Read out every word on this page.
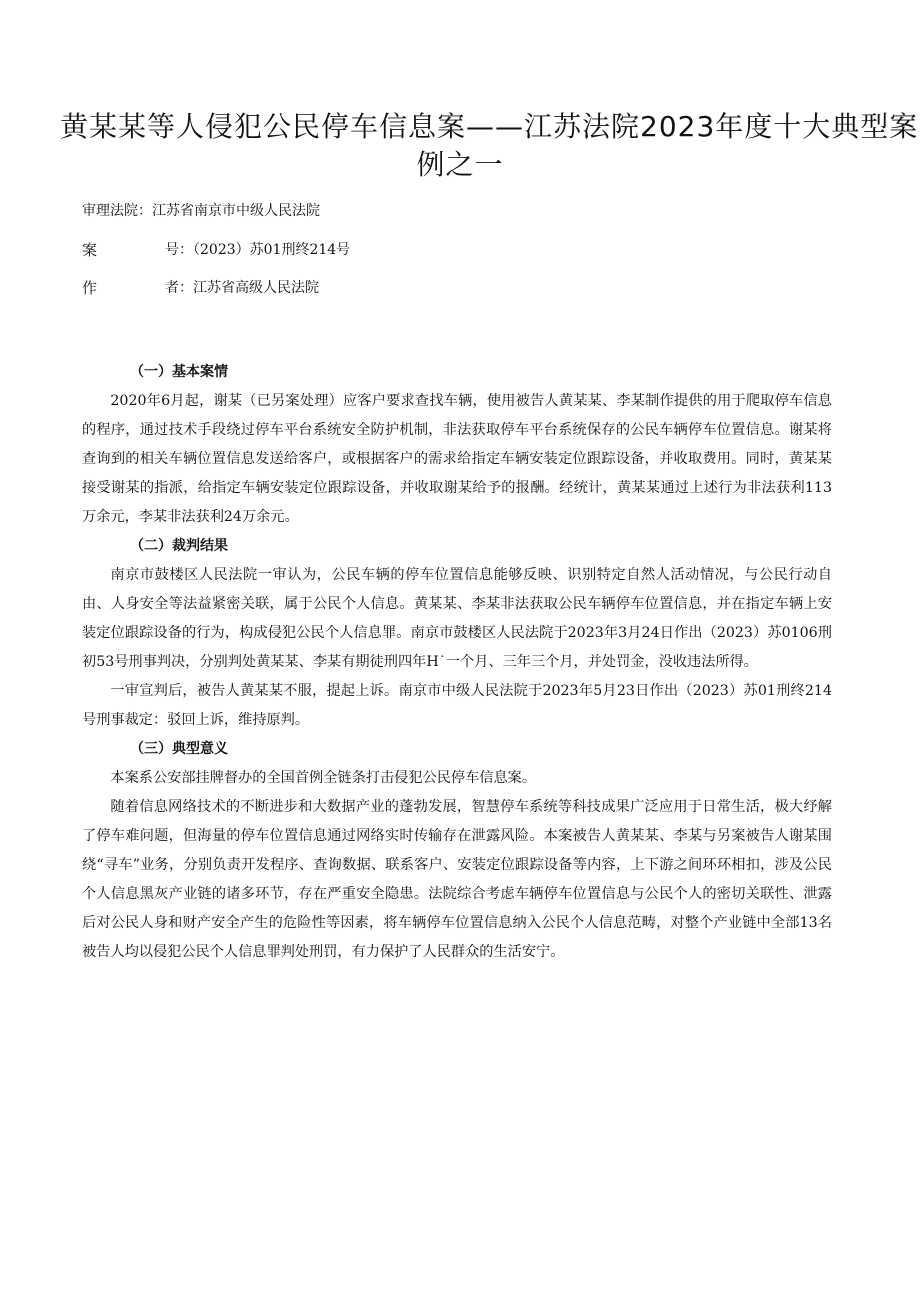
黄某某等人侵犯公民停车信息案——江苏法院2023年度十大典型案
例之一
审理法院：江苏省南京市中级人民法院
案	号：（2023）苏01刑终214号
作	者：江苏省高级人民法院
（一）基本案情

2020年6月起，谢某（已另案处理）应客户要求查找车辆，使用被告人黄某某、李某制作提供的用于爬取停车信息的程序，通过技术手段绕过停车平台系统安全防护机制，非法获取停车平台系统保存的公民车辆停车位置信息。谢某将查询到的相关车辆位置信息发送给客户，或根据客户的需求给指定车辆安装定位跟踪设备，并收取费用。同时，黄某某接受谢某的指派，给指定车辆安装定位跟踪设备，并收取谢某给予的报酬。经统计，黄某某通过上述行为非法获利113万余元，李某非法获利24万余元。

（二）裁判结果

南京市鼓楼区人民法院一审认为，公民车辆的停车位置信息能够反映、识别特定自然人活动情况，与公民行动自由、人身安全等法益紧密关联，属于公民个人信息。黄某某、李某非法获取公民车辆停车位置信息，并在指定车辆上安装定位跟踪设备的行为，构成侵犯公民个人信息罪。南京市鼓楼区人民法院于2023年3月24日作出（2023）苏0106刑初53号刑事判决，分别判处黄某某、李某有期徒刑四年H˙一个月、三年三个月，并处罚金，没收违法所得。

一审宣判后，被告人黄某某不服，提起上诉。南京市中级人民法院于2023年5月23日作出（2023）苏01刑终214号刑事裁定：驳回上诉，维持原判。

（三）典型意义

本案系公安部挂牌督办的全国首例全链条打击侵犯公民停车信息案。

随着信息网络技术的不断进步和大数据产业的蓬勃发展，智慧停车系统等科技成果广泛应用于日常生活，极大纾解了停车难问题，但海量的停车位置信息通过网络实时传输存在泄露风险。本案被告人黄某某、李某与另案被告人谢某围绕“寻车”业务，分别负责开发程序、查询数据、联系客户、安装定位跟踪设备等内容，上下游之间环环相扣，涉及公民个人信息黑灰产业链的诸多环节，存在严重安全隐患。法院综合考虑车辆停车位置信息与公民个人的密切关联性、泄露后对公民人身和财产安全产生的危险性等因素，将车辆停车位置信息纳入公民个人信息范畴，对整个产业链中全部13名被告人均以侵犯公民个人信息罪判处刑罚，有力保护了人民群众的生活安宁。
